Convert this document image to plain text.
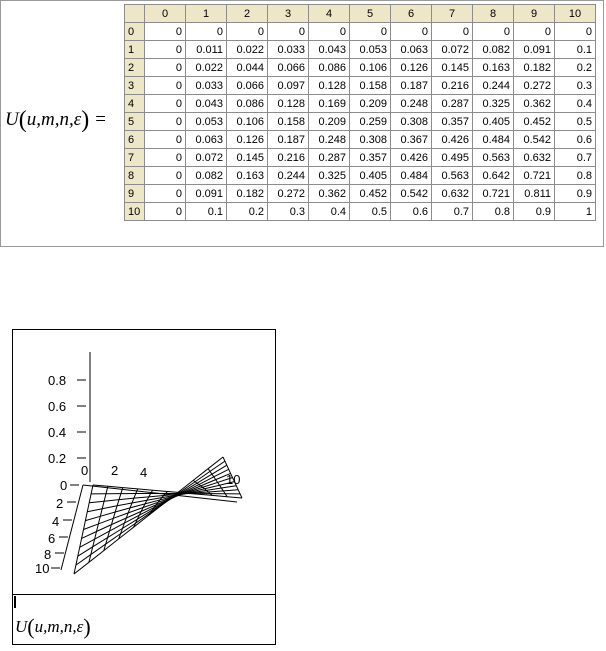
U(u,m,n,ε) =
	0	1	2	3	4	5	6	7	8	9	10
0	0	0	0	0	0	0	0	0	0	0	0
1	0	0.011	0.022	0.033	0.043	0.053	0.063	0.072	0.082	0.091	0.1
2	0	0.022	0.044	0.066	0.086	0.106	0.126	0.145	0.163	0.182	0.2
3	0	0.033	0.066	0.097	0.128	0.158	0.187	0.216	0.244	0.272	0.3
4	0	0.043	0.086	0.128	0.169	0.209	0.248	0.287	0.325	0.362	0.4
5	0	0.053	0.106	0.158	0.209	0.259	0.308	0.357	0.405	0.452	0.5
6	0	0.063	0.126	0.187	0.248	0.308	0.367	0.426	0.484	0.542	0.6
7	0	0.072	0.145	0.216	0.287	0.357	0.426	0.495	0.563	0.632	0.7
8	0	0.082	0.163	0.244	0.325	0.405	0.484	0.563	0.642	0.721	0.8
9	0	0.091	0.182	0.272	0.362	0.452	0.542	0.632	0.721	0.811	0.9
10	0	0.1	0.2	0.3	0.4	0.5	0.6	0.7	0.8	0.9	1
0.8
0.6
0.4
0.2
0 2 4	10
0
2
4
6
8
10
U(u,m,n,ε)
